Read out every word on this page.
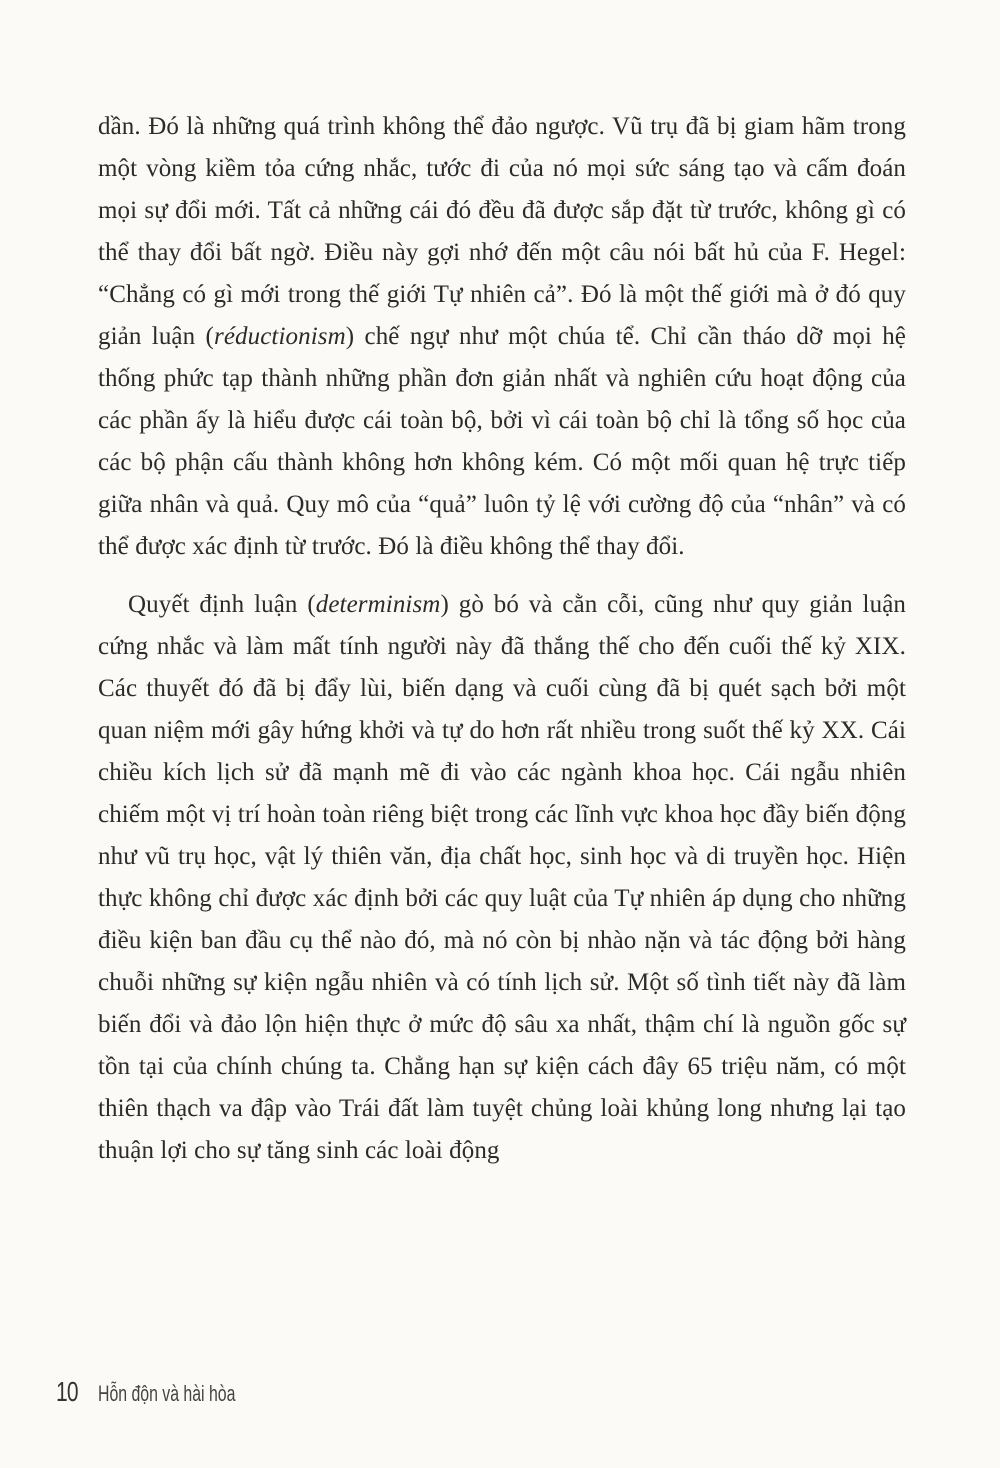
dần. Đó là những quá trình không thể đảo ngược. Vũ trụ đã bị giam hãm trong một vòng kiềm tỏa cứng nhắc, tước đi của nó mọi sức sáng tạo và cấm đoán mọi sự đổi mới. Tất cả những cái đó đều đã được sắp đặt từ trước, không gì có thể thay đổi bất ngờ. Điều này gợi nhớ đến một câu nói bất hủ của F. Hegel: “Chẳng có gì mới trong thế giới Tự nhiên cả”. Đó là một thế giới mà ở đó quy giản luận (réductionism) chế ngự như một chúa tể. Chỉ cần tháo dỡ mọi hệ thống phức tạp thành những phần đơn giản nhất và nghiên cứu hoạt động của các phần ấy là hiểu được cái toàn bộ, bởi vì cái toàn bộ chỉ là tổng số học của các bộ phận cấu thành không hơn không kém. Có một mối quan hệ trực tiếp giữa nhân và quả. Quy mô của “quả” luôn tỷ lệ với cường độ của “nhân” và có thể được xác định từ trước. Đó là điều không thể thay đổi.

Quyết định luận (determinism) gò bó và cằn cỗi, cũng như quy giản luận cứng nhắc và làm mất tính người này đã thắng thế cho đến cuối thế kỷ XIX. Các thuyết đó đã bị đẩy lùi, biến dạng và cuối cùng đã bị quét sạch bởi một quan niệm mới gây hứng khởi và tự do hơn rất nhiều trong suốt thế kỷ XX. Cái chiều kích lịch sử đã mạnh mẽ đi vào các ngành khoa học. Cái ngẫu nhiên chiếm một vị trí hoàn toàn riêng biệt trong các lĩnh vực khoa học đầy biến động như vũ trụ học, vật lý thiên văn, địa chất học, sinh học và di truyền học. Hiện thực không chỉ được xác định bởi các quy luật của Tự nhiên áp dụng cho những điều kiện ban đầu cụ thể nào đó, mà nó còn bị nhào nặn và tác động bởi hàng chuỗi những sự kiện ngẫu nhiên và có tính lịch sử. Một số tình tiết này đã làm biến đổi và đảo lộn hiện thực ở mức độ sâu xa nhất, thậm chí là nguồn gốc sự tồn tại của chính chúng ta. Chẳng hạn sự kiện cách đây 65 triệu năm, có một thiên thạch va đập vào Trái đất làm tuyệt chủng loài khủng long nhưng lại tạo thuận lợi cho sự tăng sinh các loài động

10 Hỗn độn và hài hòa
